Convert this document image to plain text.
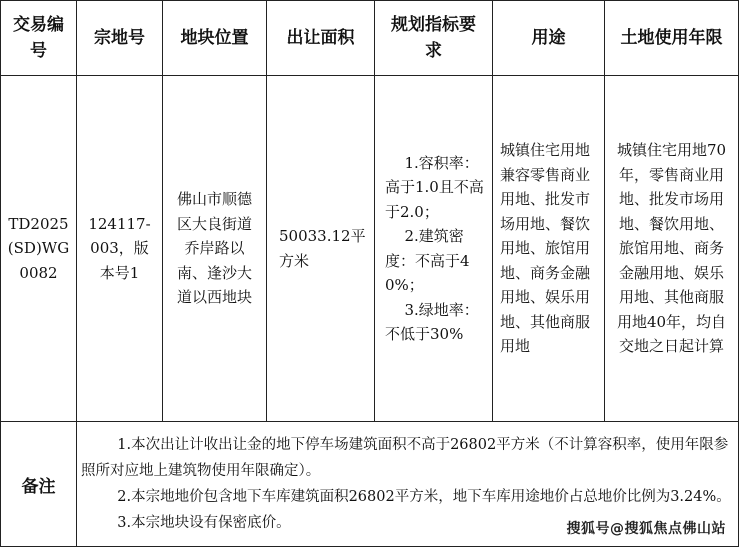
交易编号	宗地号	地块位置	出让面积	规划指标要求	用途	土地使用年限

TD2025(SD)WG0082	124117-003，版本号1	佛山市顺德区大良街道乔岸路以南、逢沙大道以西地块	50033.12平方米	1.容积率：高于1.0且不高于2.0；
2.建筑密度：不高于40%；
3.绿地率：不低于30%	城镇住宅用地兼容零售商业用地、批发市场用地、餐饮用地、旅馆用地、商务金融用地、娱乐用地、其他商服用地	城镇住宅用地70年，零售商业用地、批发市场用地、餐饮用地、旅馆用地、商务金融用地、娱乐用地、其他商服用地40年，均自交地之日起计算

备注	1.本次出让计收出让金的地下停车场建筑面积不高于26802平方米（不计算容积率，使用年限参照所对应地上建筑物使用年限确定）。

2.本宗地地价包含地下车库建筑面积26802平方米，地下车库用途地价占总地价比例为3.24%。

3.本宗地块设有保密底价。						搜狐号@搜狐焦点佛山站
